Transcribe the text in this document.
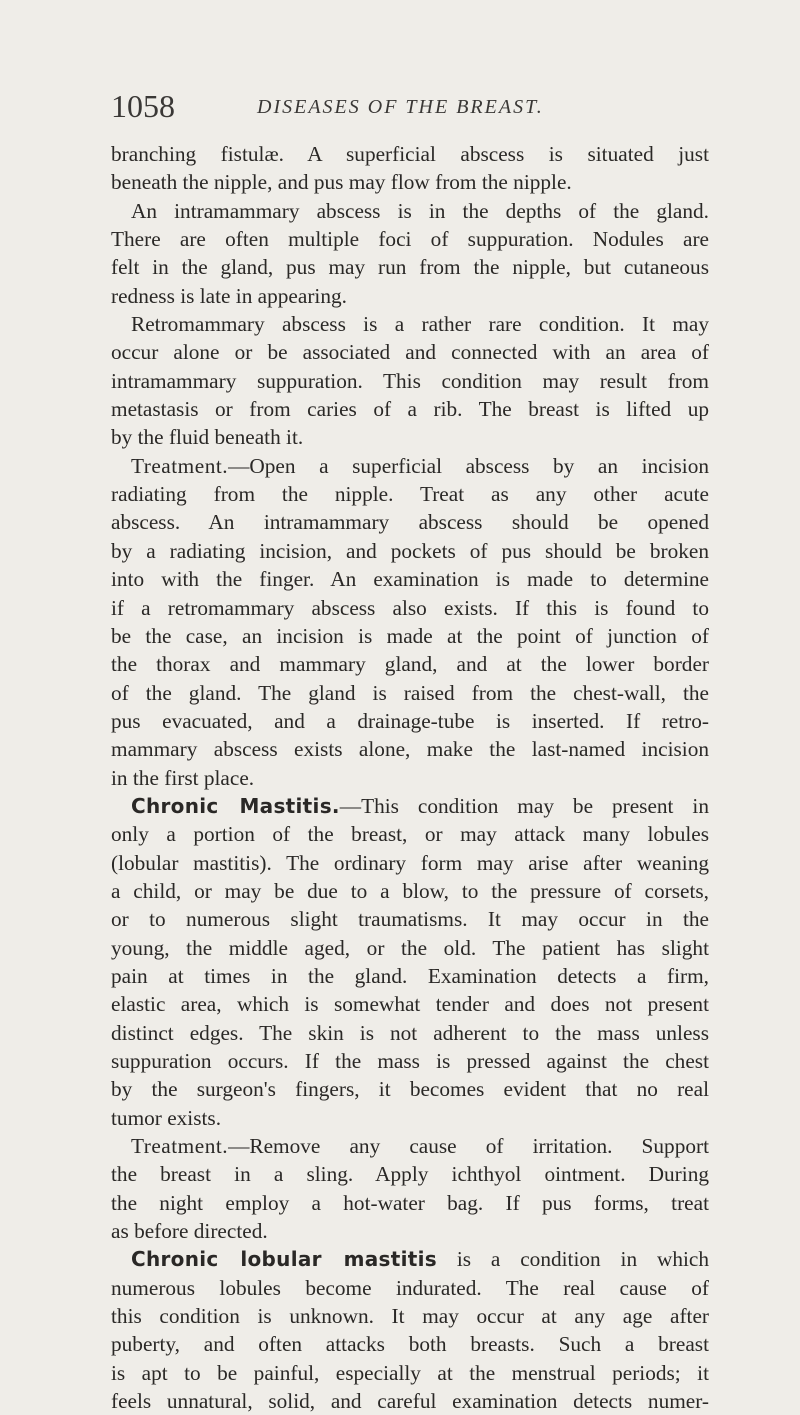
1058	DISEASES OF THE BREAST.
branching fistulæ. A superficial abscess is situated just
beneath the nipple, and pus may flow from the nipple.
An intramammary abscess is in the depths of the gland.
There are often multiple foci of suppuration. Nodules are
felt in the gland, pus may run from the nipple, but cutaneous
redness is late in appearing.
Retromammary abscess is a rather rare condition. It may
occur alone or be associated and connected with an area of
intramammary suppuration. This condition may result from
metastasis or from caries of a rib. The breast is lifted up
by the fluid beneath it.
Treatment.—Open a superficial abscess by an incision
radiating from the nipple. Treat as any other acute
abscess. An intramammary abscess should be opened
by a radiating incision, and pockets of pus should be broken
into with the finger. An examination is made to determine
if a retromammary abscess also exists. If this is found to
be the case, an incision is made at the point of junction of
the thorax and mammary gland, and at the lower border
of the gland. The gland is raised from the chest-wall, the
pus evacuated, and a drainage-tube is inserted. If retro-
mammary abscess exists alone, make the last-named incision
in the first place.
Chronic Mastitis.—This condition may be present in
only a portion of the breast, or may attack many lobules
(lobular mastitis). The ordinary form may arise after weaning
a child, or may be due to a blow, to the pressure of corsets,
or to numerous slight traumatisms. It may occur in the
young, the middle aged, or the old. The patient has slight
pain at times in the gland. Examination detects a firm,
elastic area, which is somewhat tender and does not present
distinct edges. The skin is not adherent to the mass unless
suppuration occurs. If the mass is pressed against the chest
by the surgeon's fingers, it becomes evident that no real
tumor exists.
Treatment.—Remove any cause of irritation. Support
the breast in a sling. Apply ichthyol ointment. During
the night employ a hot-water bag. If pus forms, treat
as before directed.
Chronic lobular mastitis is a condition in which
numerous lobules become indurated. The real cause of
this condition is unknown. It may occur at any age after
puberty, and often attacks both breasts. Such a breast
is apt to be painful, especially at the menstrual periods; it
feels unnatural, solid, and careful examination detects numer-
